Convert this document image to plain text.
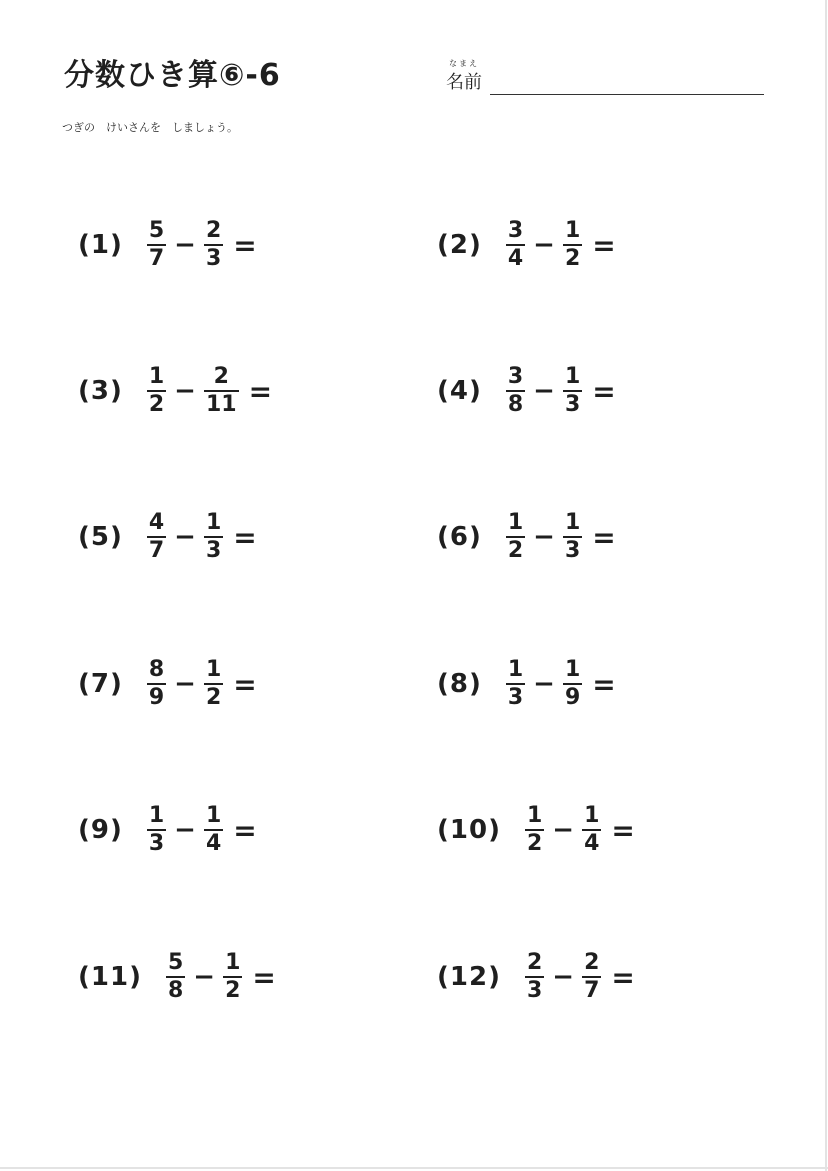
分数ひき算⑥-6
つぎの　けいさんを　しましょう。
なまえ
名前
$(1) \frac{5}{7} - \frac{2}{3}$ =	$(2) \frac{3}{4} - \frac{1}{2}$ =
$(3) \frac{1}{2} - \frac{2}{11}$ =	$(4) \frac{3}{8} - \frac{1}{3}$ =
$(5) \frac{4}{7} - \frac{1}{3}$ =	$(6) \frac{1}{2} - \frac{1}{3}$ =
$(7) \frac{8}{9} - \frac{1}{2}$ =	$(8) \frac{1}{3} - \frac{1}{9}$ =
$(9) \frac{1}{3} - \frac{1}{4}$ =	$(10) \frac{1}{2} - \frac{1}{4}$ =
$(11) \frac{5}{8} - \frac{1}{2}$ =	$(12) \frac{2}{3} - \frac{2}{7}$ =
